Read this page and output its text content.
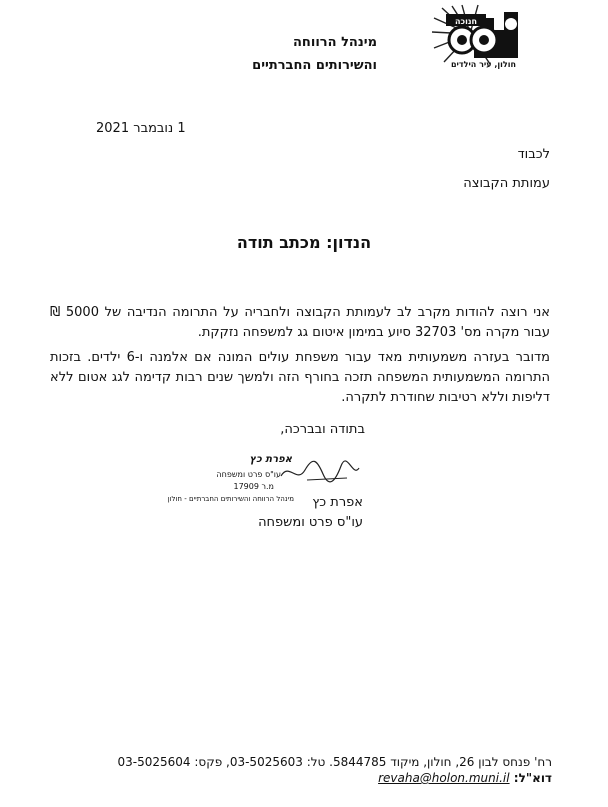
מינהל הרווחה
והשירותים החברתיים
חנוכה
חולון, עיר הילדים
1 נובמבר 2021
לכבוד
עמותת הקבוצה
הנדון: מכתב תודה
אני רוצה להודות מקרב לב לעמותת הקבוצה ולחבריה על התרומה הנדיבה של 5000 ₪ עבור מקרה מס' 32703 סיוע במימון איטום גג למשפחה נזקקת.
מדובר בעזרה משמעותית מאד עבור משפחת עולים המונה אם אלמנה ו-6 ילדים. בזכות התרומה המשמעותית המשפחה תזכה בחורף הזה ולמשך שנים רבות קדימה לגג אטום ללא דליפות וללא רטיבות שחודרת לתקרה.
בתודה ובברכה,
אפרת כץ
עו"ס פרט ומשפחה
אפרת כץ
עו"ס פרט ומשפחה
מ.ר 17909
מינהל הרווחה והשירותים החברתיים - חולון
רח' פנחס לבון 26, חולון, מיקוד 5844785. טל: 03-5025603, פקס: 03-5025604
דוא"ל: revaha@holon.muni.il
